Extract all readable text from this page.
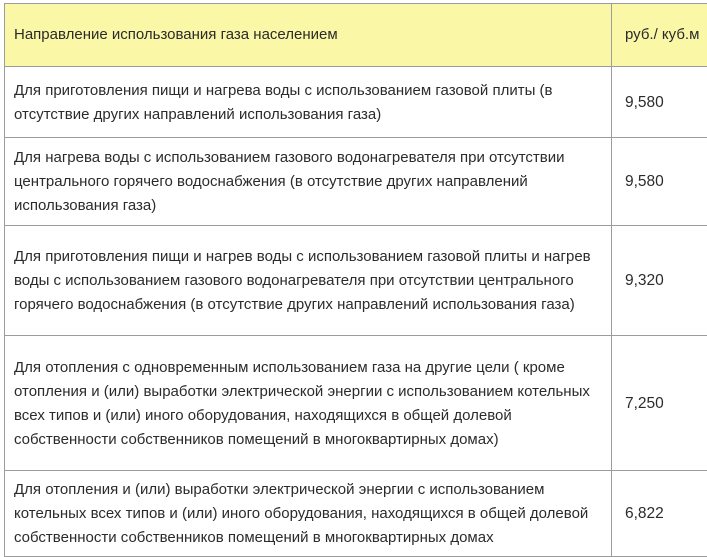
Направление использования газа населением	руб./ куб.м
Для приготовления пищи и нагрева воды с использованием газовой плиты (в отсутствие других направлений использования газа)	9,580
Для нагрева воды с использованием газового водонагревателя при отсутствии центрального горячего водоснабжения (в отсутствие других направлений использования газа)	9,580
Для приготовления пищи и нагрев воды с использованием газовой плиты и нагрев воды с использованием газового водонагревателя при отсутствии центрального горячего водоснабжения (в отсутствие других направлений использования газа)	9,320
Для отопления с одновременным использованием газа на другие цели ( кроме отопления и (или) выработки электрической энергии с использованием котельных всех типов и (или) иного оборудования, находящихся в общей долевой собственности собственников помещений в многоквартирных домах)	7,250
Для отопления и (или) выработки электрической энергии с использованием котельных всех типов и (или) иного оборудования, находящихся в общей долевой собственности собственников помещений в многоквартирных домах	6,822
